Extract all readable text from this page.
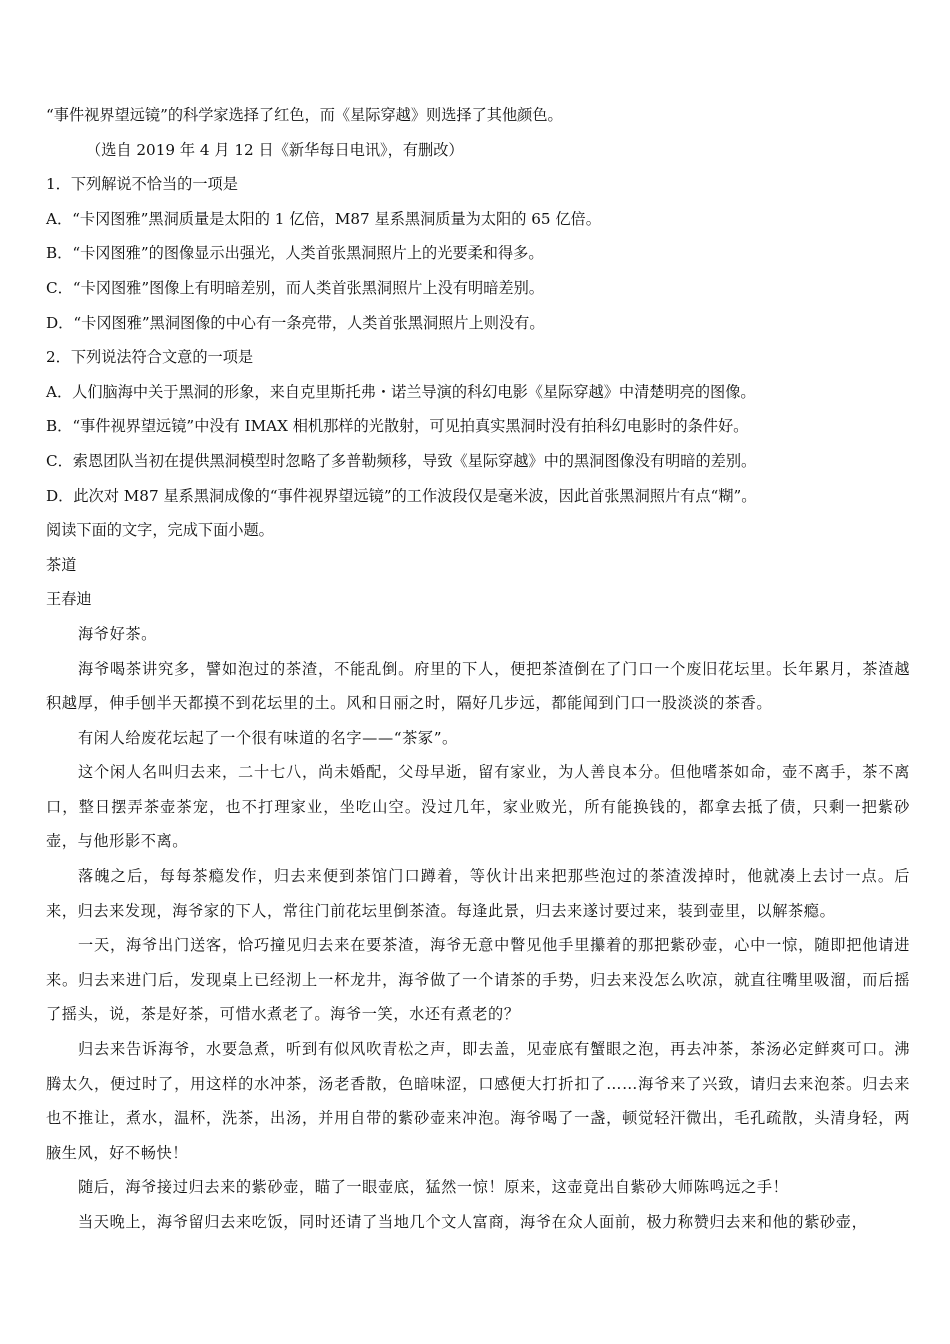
“事件视界望远镜”的科学家选择了红色，而《星际穿越》则选择了其他颜色。
（选自 2019 年 4 月 12 日《新华每日电讯》，有删改）
1．下列解说不恰当的一项是
A．“卡冈图雅”黑洞质量是太阳的 1 亿倍，M87 星系黑洞质量为太阳的 65 亿倍。
B．“卡冈图雅”的图像显示出强光，人类首张黑洞照片上的光要柔和得多。
C．“卡冈图雅”图像上有明暗差别，而人类首张黑洞照片上没有明暗差别。
D．“卡冈图雅”黑洞图像的中心有一条亮带，人类首张黑洞照片上则没有。
2．下列说法符合文意的一项是
A．人们脑海中关于黑洞的形象，来自克里斯托弗・诺兰导演的科幻电影《星际穿越》中清楚明亮的图像。
B．“事件视界望远镜”中没有 IMAX 相机那样的光散射，可见拍真实黑洞时没有拍科幻电影时的条件好。
C．索恩团队当初在提供黑洞模型时忽略了多普勒频移，导致《星际穿越》中的黑洞图像没有明暗的差别。
D．此次对 M87 星系黑洞成像的“事件视界望远镜”的工作波段仅是毫米波，因此首张黑洞照片有点“糊”。
阅读下面的文字，完成下面小题。
茶道
王春迪
海爷好茶。
海爷喝茶讲究多，譬如泡过的茶渣，不能乱倒。府里的下人，便把茶渣倒在了门口一个废旧花坛里。长年累月，茶渣越积越厚，伸手刨半天都摸不到花坛里的土。风和日丽之时，隔好几步远，都能闻到门口一股淡淡的茶香。
有闲人给废花坛起了一个很有味道的名字——“茶冢”。
这个闲人名叫归去来，二十七八，尚未婚配，父母早逝，留有家业，为人善良本分。但他嗜茶如命，壶不离手，茶不离口，整日摆弄茶壶茶宠，也不打理家业，坐吃山空。没过几年，家业败光，所有能换钱的，都拿去抵了债，只剩一把紫砂壶，与他形影不离。
落魄之后，每每茶瘾发作，归去来便到茶馆门口蹲着，等伙计出来把那些泡过的茶渣泼掉时，他就凑上去讨一点。后来，归去来发现，海爷家的下人，常往门前花坛里倒茶渣。每逢此景，归去来遂讨要过来，装到壶里，以解茶瘾。
一天，海爷出门送客，恰巧撞见归去来在要茶渣，海爷无意中瞥见他手里攥着的那把紫砂壶，心中一惊，随即把他请进来。归去来进门后，发现桌上已经沏上一杯龙井，海爷做了一个请茶的手势，归去来没怎么吹凉，就直往嘴里吸溜，而后摇了摇头，说，茶是好茶，可惜水煮老了。海爷一笑，水还有煮老的？
归去来告诉海爷，水要急煮，听到有似风吹青松之声，即去盖，见壶底有蟹眼之泡，再去冲茶，茶汤必定鲜爽可口。沸腾太久，便过时了，用这样的水冲茶，汤老香散，色暗味涩，口感便大打折扣了……海爷来了兴致，请归去来泡茶。归去来也不推让，煮水，温杯，洗茶，出汤，并用自带的紫砂壶来冲泡。海爷喝了一盏，顿觉轻汗微出，毛孔疏散，头清身轻，两腋生风，好不畅快！
随后，海爷接过归去来的紫砂壶，瞄了一眼壶底，猛然一惊！原来，这壶竟出自紫砂大师陈鸣远之手！
当天晚上，海爷留归去来吃饭，同时还请了当地几个文人富商，海爷在众人面前，极力称赞归去来和他的紫砂壶，
